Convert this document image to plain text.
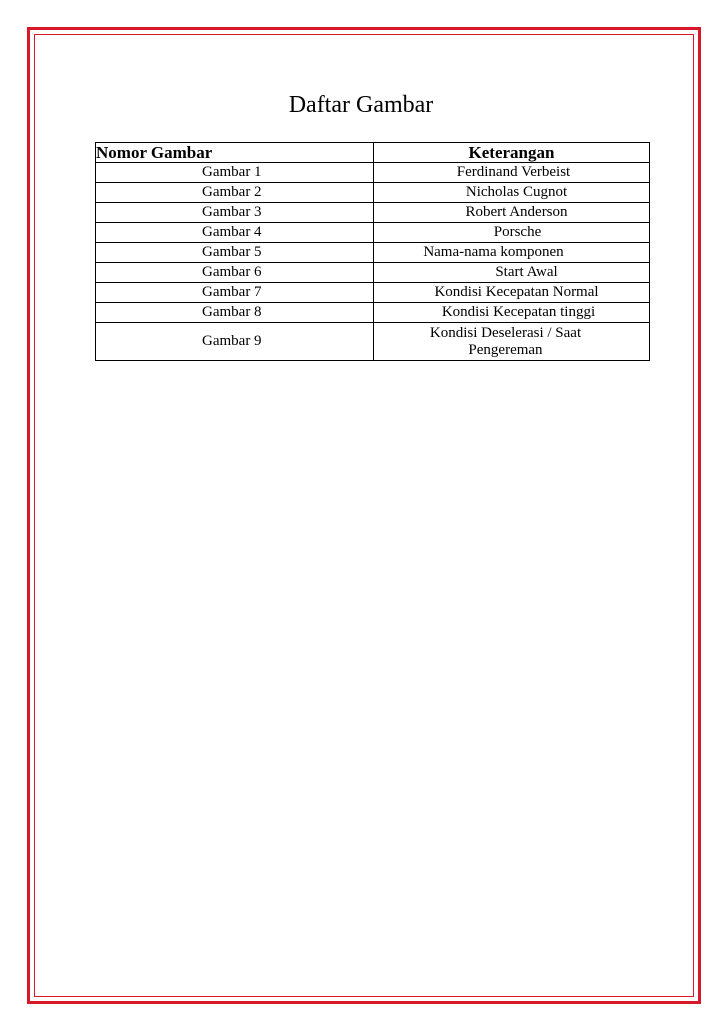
Daftar Gambar
Nomor Gambar	Keterangan
Gambar 1	Ferdinand Verbeist
Gambar 2	Nicholas Cugnot
Gambar 3	Robert Anderson
Gambar 4	Porsche
Gambar 5	Nama-nama komponen
Gambar 6	Start Awal
Gambar 7	Kondisi Kecepatan Normal
Gambar 8	Kondisi Kecepatan tinggi
Gambar 9	Kondisi Deselerasi / Saat Pengereman
